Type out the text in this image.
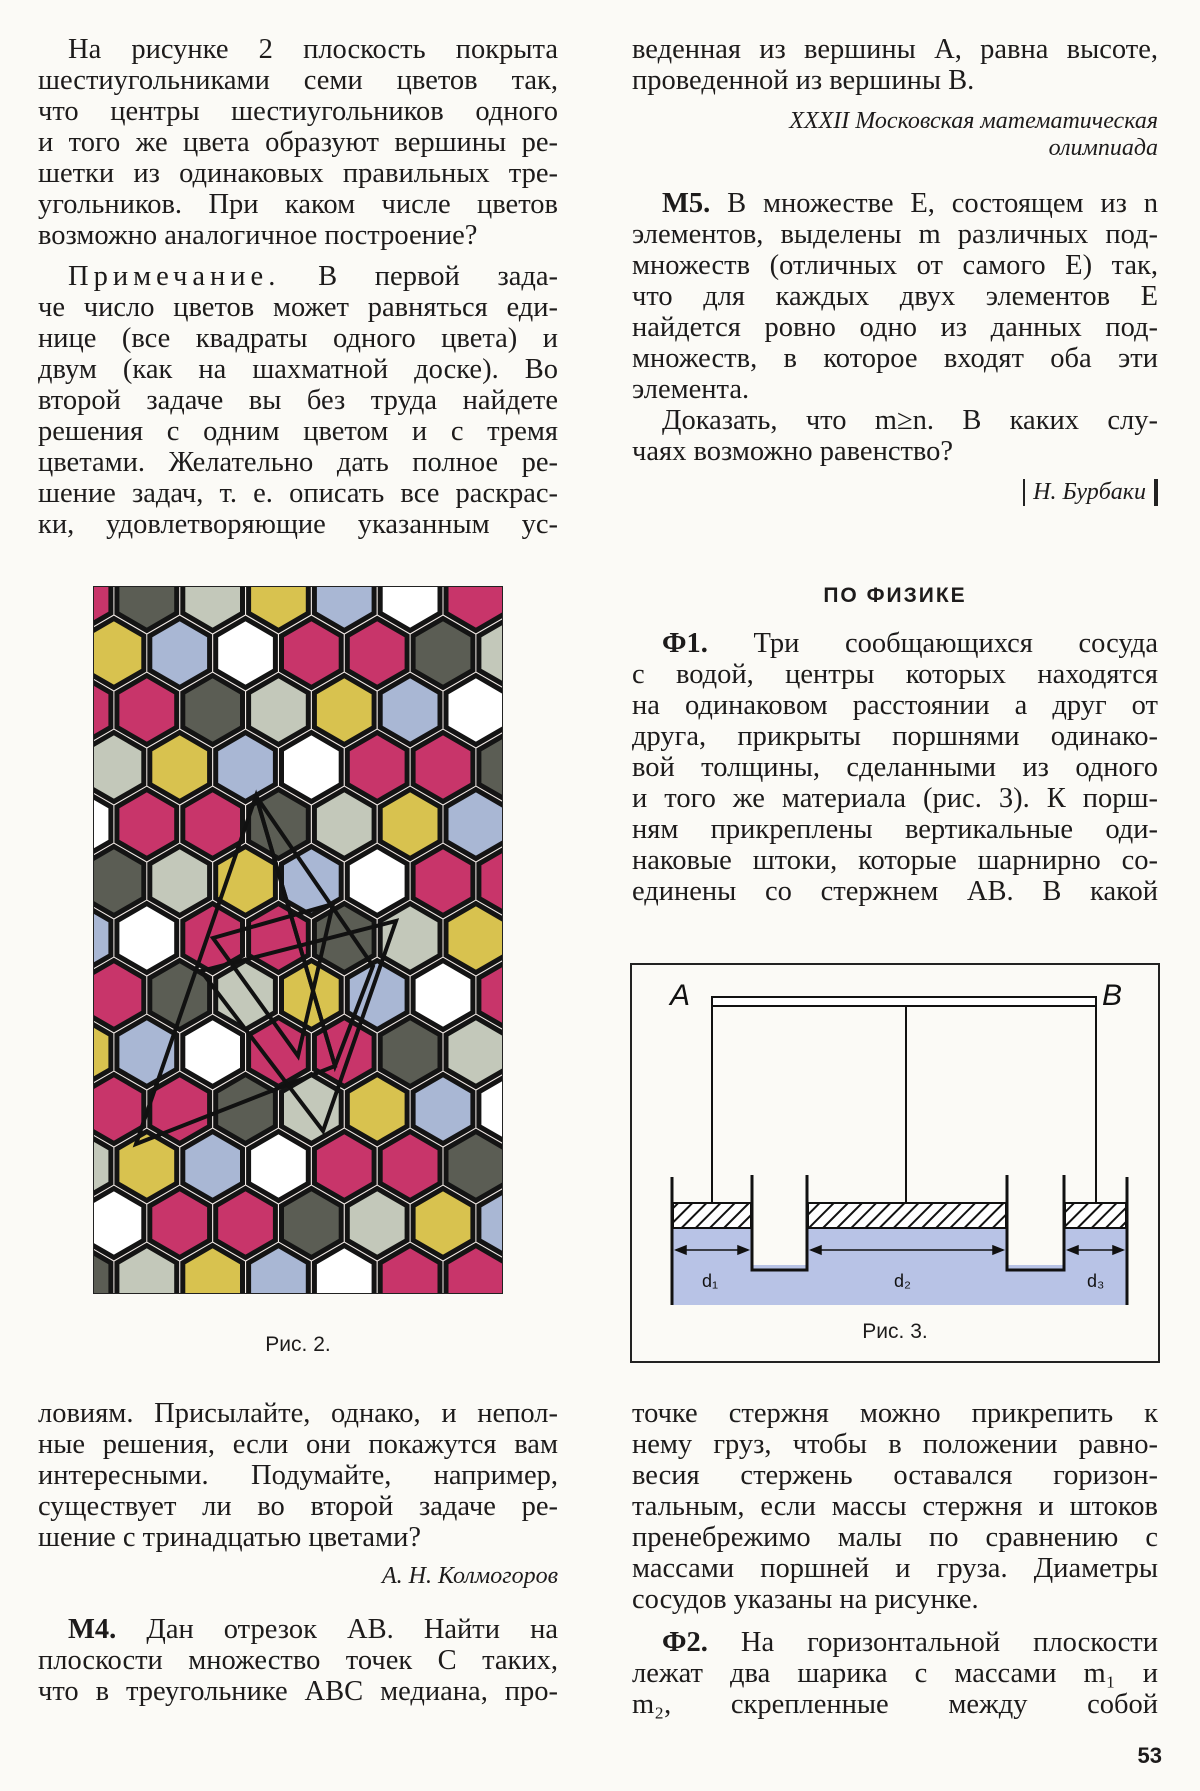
На рисунке 2 плоскость покрыта
шестиугольниками семи цветов так,
что центры шестиугольников одного
и того же цвета образуют вершины ре-
шетки из одинаковых правильных тре-
угольников. При каком числе цветов
возможно аналогичное построение?
Примечание. В первой зада-
че число цветов может равняться еди-
нице (все квадраты одного цвета) и
двум (как на шахматной доске). Во
второй задаче вы без труда найдете
решения с одним цветом и с тремя
цветами. Желательно дать полное ре-
шение задач, т. е. описать все раскрас-
ки, удовлетворяющие указанным ус-
Рис. 2.
ловиям. Присылайте, однако, и непол-
ные решения, если они покажутся вам
интересными. Подумайте, например,
существует ли во второй задаче ре-
шение с тринадцатью цветами?
А. Н. Колмогоров
М4. Дан отрезок AB. Найти на
плоскости множество точек C таких,
что в треугольнике ABC медиана, про-
веденная из вершины A, равна высоте,
проведенной из вершины B.
XXXII Московская математическая
олимпиада
М5. В множестве E, состоящем из n
элементов, выделены m различных под-
множеств (отличных от самого E) так,
что для каждых двух элементов E
найдется ровно одно из данных под-
множеств, в которое входят оба эти
элемента.
Доказать, что m≥n. В каких слу-
чаях возможно равенство?
Н. Бурбаки
ПО ФИЗИКЕ
Ф1. Три сообщающихся сосуда
с водой, центры которых находятся
на одинаковом расстоянии a друг от
друга, прикрыты поршнями одинако-
вой толщины, сделанными из одного
и того же материала (рис. 3). К порш-
ням прикреплены вертикальные оди-
наковые штоки, которые шарнирно со-
единены со стержнем AB. В какой
A	B
d₁	d₂	d₃
Рис. 3.
точке стержня можно прикрепить к
нему груз, чтобы в положении равно-
весия стержень оставался горизон-
тальным, если массы стержня и штоков
пренебрежимо малы по сравнению с
массами поршней и груза. Диаметры
сосудов указаны на рисунке.
Ф2. На горизонтальной плоскости
лежат два шарика с массами m₁ и
m₂, скрепленные между собой
53
